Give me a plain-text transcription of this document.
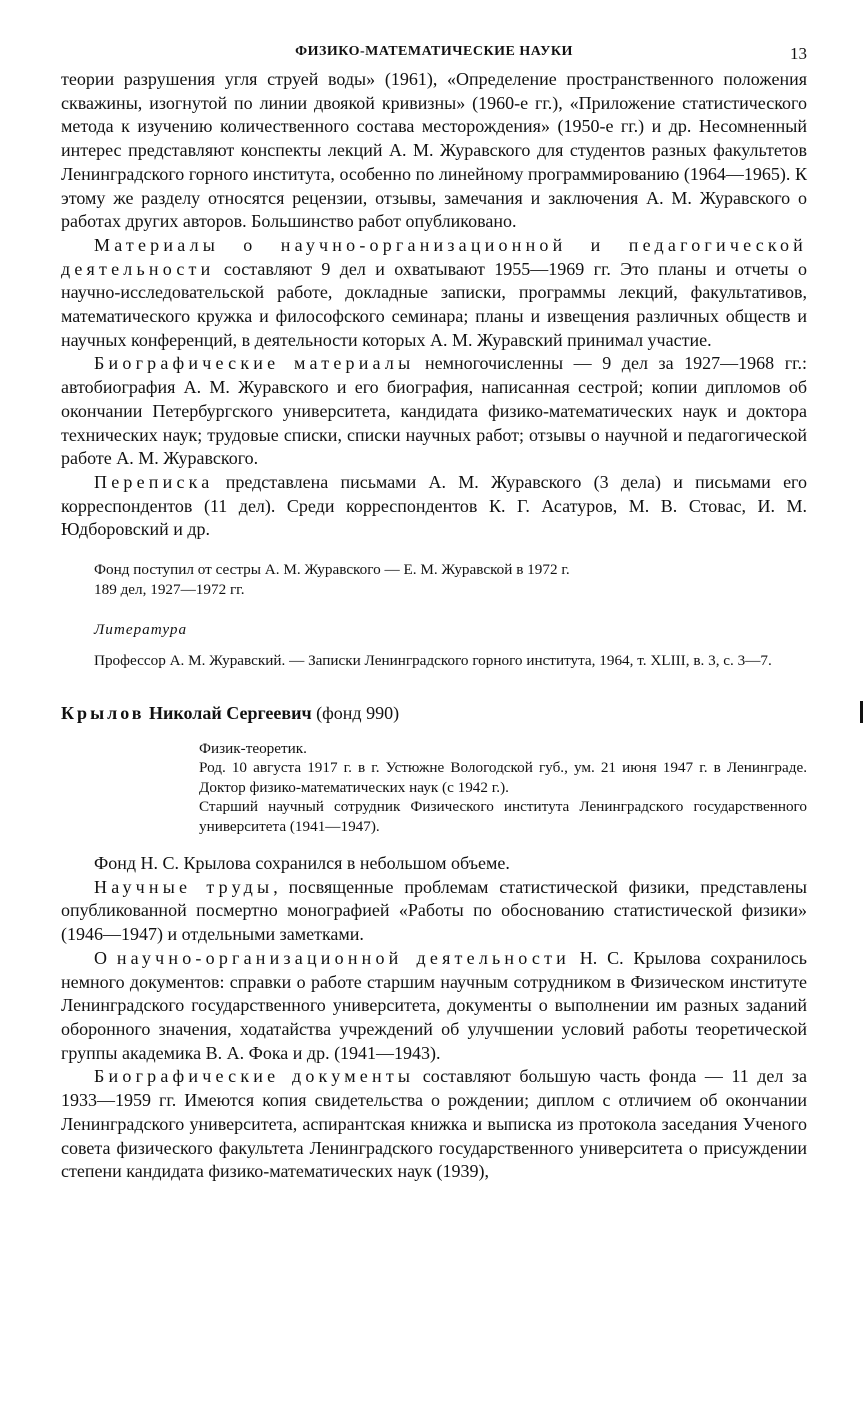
ФИЗИКО-МАТЕМАТИЧЕСКИЕ НАУКИ	13

теории разрушения угля струей воды» (1961), «Определение пространственного положения скважины, изогнутой по линии двоякой кривизны» (1960-е гг.), «Приложение статистического метода к изучению количественного состава месторождения» (1950-е гг.) и др. Несомненный интерес представляют конспекты лекций А. М. Журавского для студентов разных факультетов Ленинградского горного института, особенно по линейному программированию (1964—1965). К этому же разделу относятся рецензии, отзывы, замечания и заключения А. М. Журавского о работах других авторов. Большинство работ опубликовано.

Материалы о научно-организационной и педагогической деятельности составляют 9 дел и охватывают 1955—1969 гг. Это планы и отчеты о научно-исследовательской работе, докладные записки, программы лекций, факультативов, математического кружка и философского семинара; планы и извещения различных обществ и научных конференций, в деятельности которых А. М. Журавский принимал участие.

Биографические материалы немногочисленны — 9 дел за 1927—1968 гг.: автобиография А. М. Журавского и его биография, написанная сестрой; копии дипломов об окончании Петербургского университета, кандидата физико-математических наук и доктора технических наук; трудовые списки, списки научных работ; отзывы о научной и педагогической работе А. М. Журавского.

Переписка представлена письмами А. М. Журавского (3 дела) и письмами его корреспондентов (11 дел). Среди корреспондентов К. Г. Асатуров, М. В. Стовас, И. М. Юдборовский и др.

Фонд поступил от сестры А. М. Журавского — Е. М. Журавской в 1972 г.

189 дел, 1927—1972 гг.

Литература

Профессор А. М. Журавский. — Записки Ленинградского горного института, 1964, т. XLIII, в. 3, с. 3—7.

Крылов Николай Сергеевич (фонд 990)

Физик-теоретик.

Род. 10 августа 1917 г. в г. Устюжне Вологодской губ., ум. 21 июня 1947 г. в Ленинграде. Доктор физико-математических наук (с 1942 г.).

Старший научный сотрудник Физического института Ленинградского государственного университета (1941—1947).

Фонд Н. С. Крылова сохранился в небольшом объеме.

Научные труды, посвященные проблемам статистической физики, представлены опубликованной посмертно монографией «Работы по обоснованию статистической физики» (1946—1947) и отдельными заметками.

О научно-организационной деятельности Н. С. Крылова сохранилось немного документов: справки о работе старшим научным сотрудником в Физическом институте Ленинградского государственного университета, документы о выполнении им разных заданий оборонного значения, ходатайства учреждений об улучшении условий работы теоретической группы академика В. А. Фока и др. (1941—1943).

Биографические документы составляют большую часть фонда — 11 дел за 1933—1959 гг. Имеются копия свидетельства о рождении; диплом с отличием об окончании Ленинградского университета, аспирантская книжка и выписка из протокола заседания Ученого совета физического факультета Ленинградского государственного университета о присуждении степени кандидата физико-математических наук (1939),
